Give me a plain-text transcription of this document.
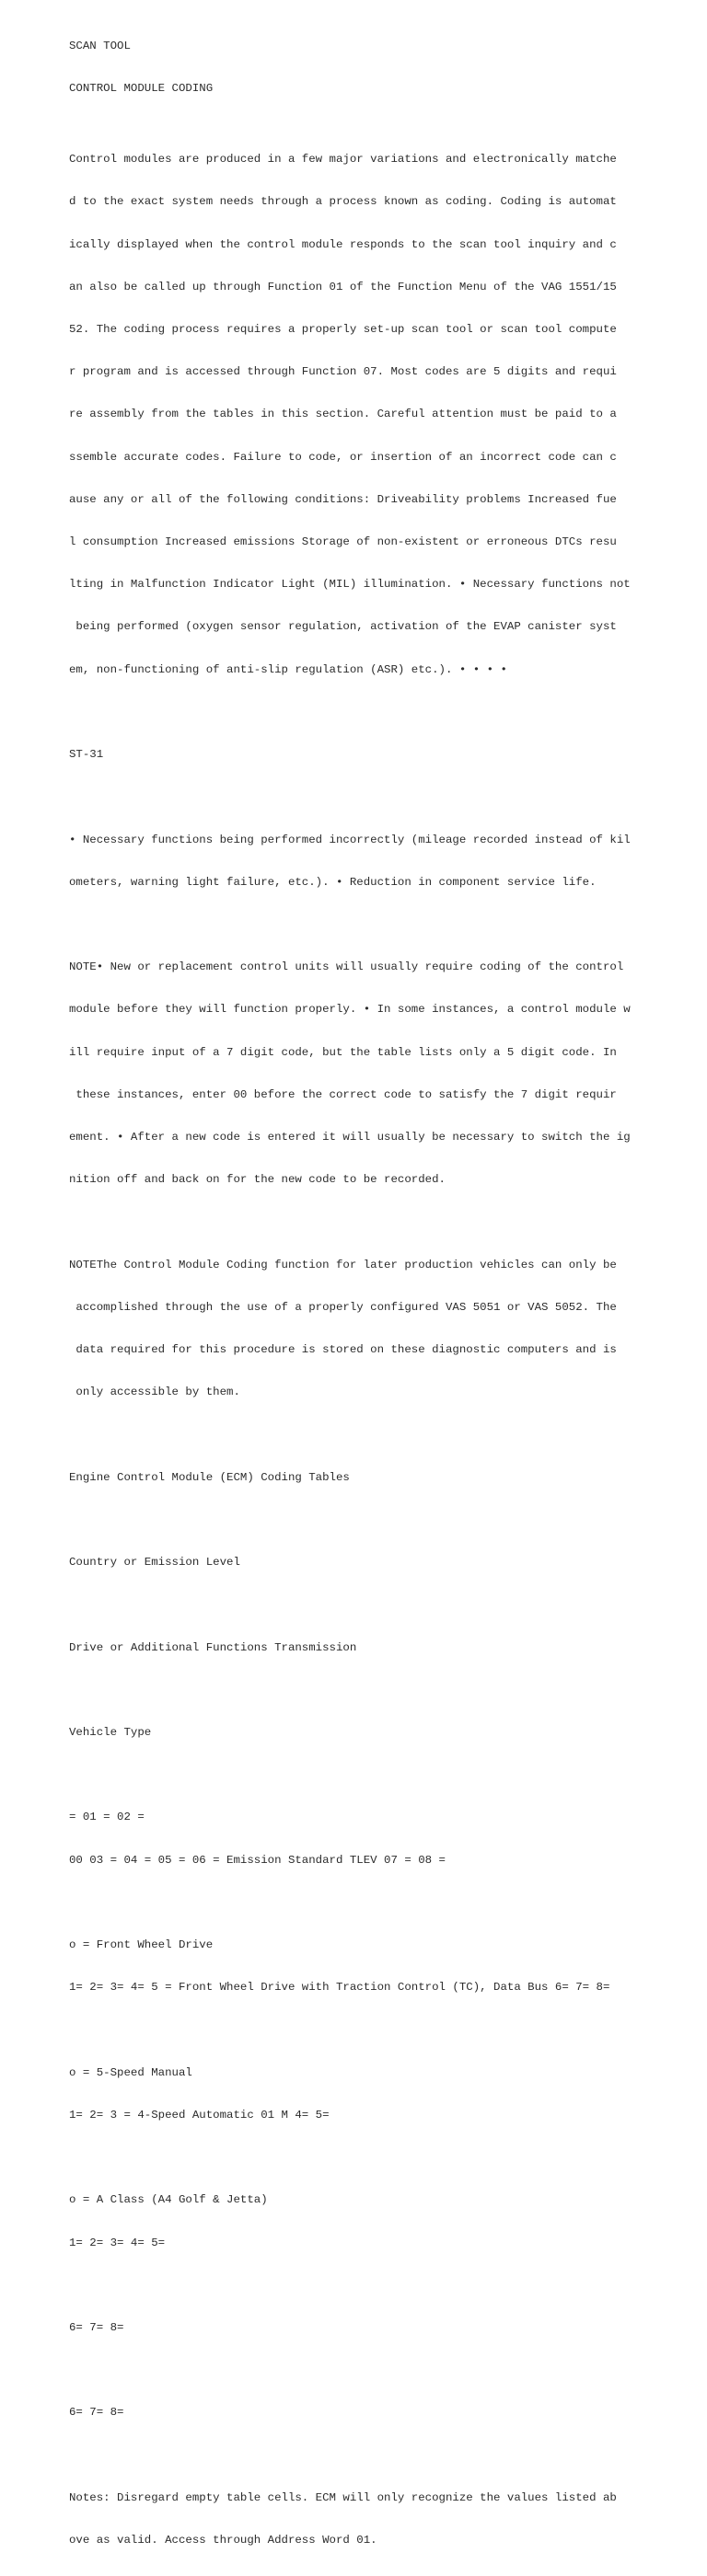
SCAN TOOL

CONTROL MODULE CODING

Control modules are produced in a few major variations and electronically matche

d to the exact system needs through a process known as coding. Coding is automat

ically displayed when the control module responds to the scan tool inquiry and c

an also be called up through Function 01 of the Function Menu of the VAG 1551/15

52. The coding process requires a properly set-up scan tool or scan tool compute

r program and is accessed through Function 07. Most codes are 5 digits and requi

re assembly from the tables in this section. Careful attention must be paid to a

ssemble accurate codes. Failure to code, or insertion of an incorrect code can c

ause any or all of the following conditions: Driveability problems Increased fue

l consumption Increased emissions Storage of non-existent or erroneous DTCs resu

lting in Malfunction Indicator Light (MIL) illumination. • Necessary functions not

being performed (oxygen sensor regulation, activation of the EVAP canister syst

em, non-functioning of anti-slip regulation (ASR) etc.). • • • •

ST-31

• Necessary functions being performed incorrectly (mileage recorded instead of kil

ometers, warning light failure, etc.). • Reduction in component service life.

NOTE• New or replacement control units will usually require coding of the control

module before they will function properly. • In some instances, a control module w

ill require input of a 7 digit code, but the table lists only a 5 digit code. In

these instances, enter 00 before the correct code to satisfy the 7 digit requir

ement. • After a new code is entered it will usually be necessary to switch the ig

nition off and back on for the new code to be recorded.

NOTEThe Control Module Coding function for later production vehicles can only be

accomplished through the use of a properly configured VAS 5051 or VAS 5052. The

data required for this procedure is stored on these diagnostic computers and is

only accessible by them.

Engine Control Module (ECM) Coding Tables

Country or Emission Level

Drive or Additional Functions Transmission

Vehicle Type

= 01 = 02 =

00 03 = 04 = 05 = 06 = Emission Standard TLEV 07 = 08 =

o = Front Wheel Drive

1= 2= 3= 4= 5 = Front Wheel Drive with Traction Control (TC), Data Bus 6= 7= 8=

o = 5-Speed Manual

1= 2= 3 = 4-Speed Automatic 01 M 4= 5=

o = A Class (A4 Golf & Jetta)

1= 2= 3= 4= 5=

6= 7= 8=

6= 7= 8=

Notes: Disregard empty table cells. ECM will only recognize the values listed ab

ove as valid. Access through Address Word 01.
